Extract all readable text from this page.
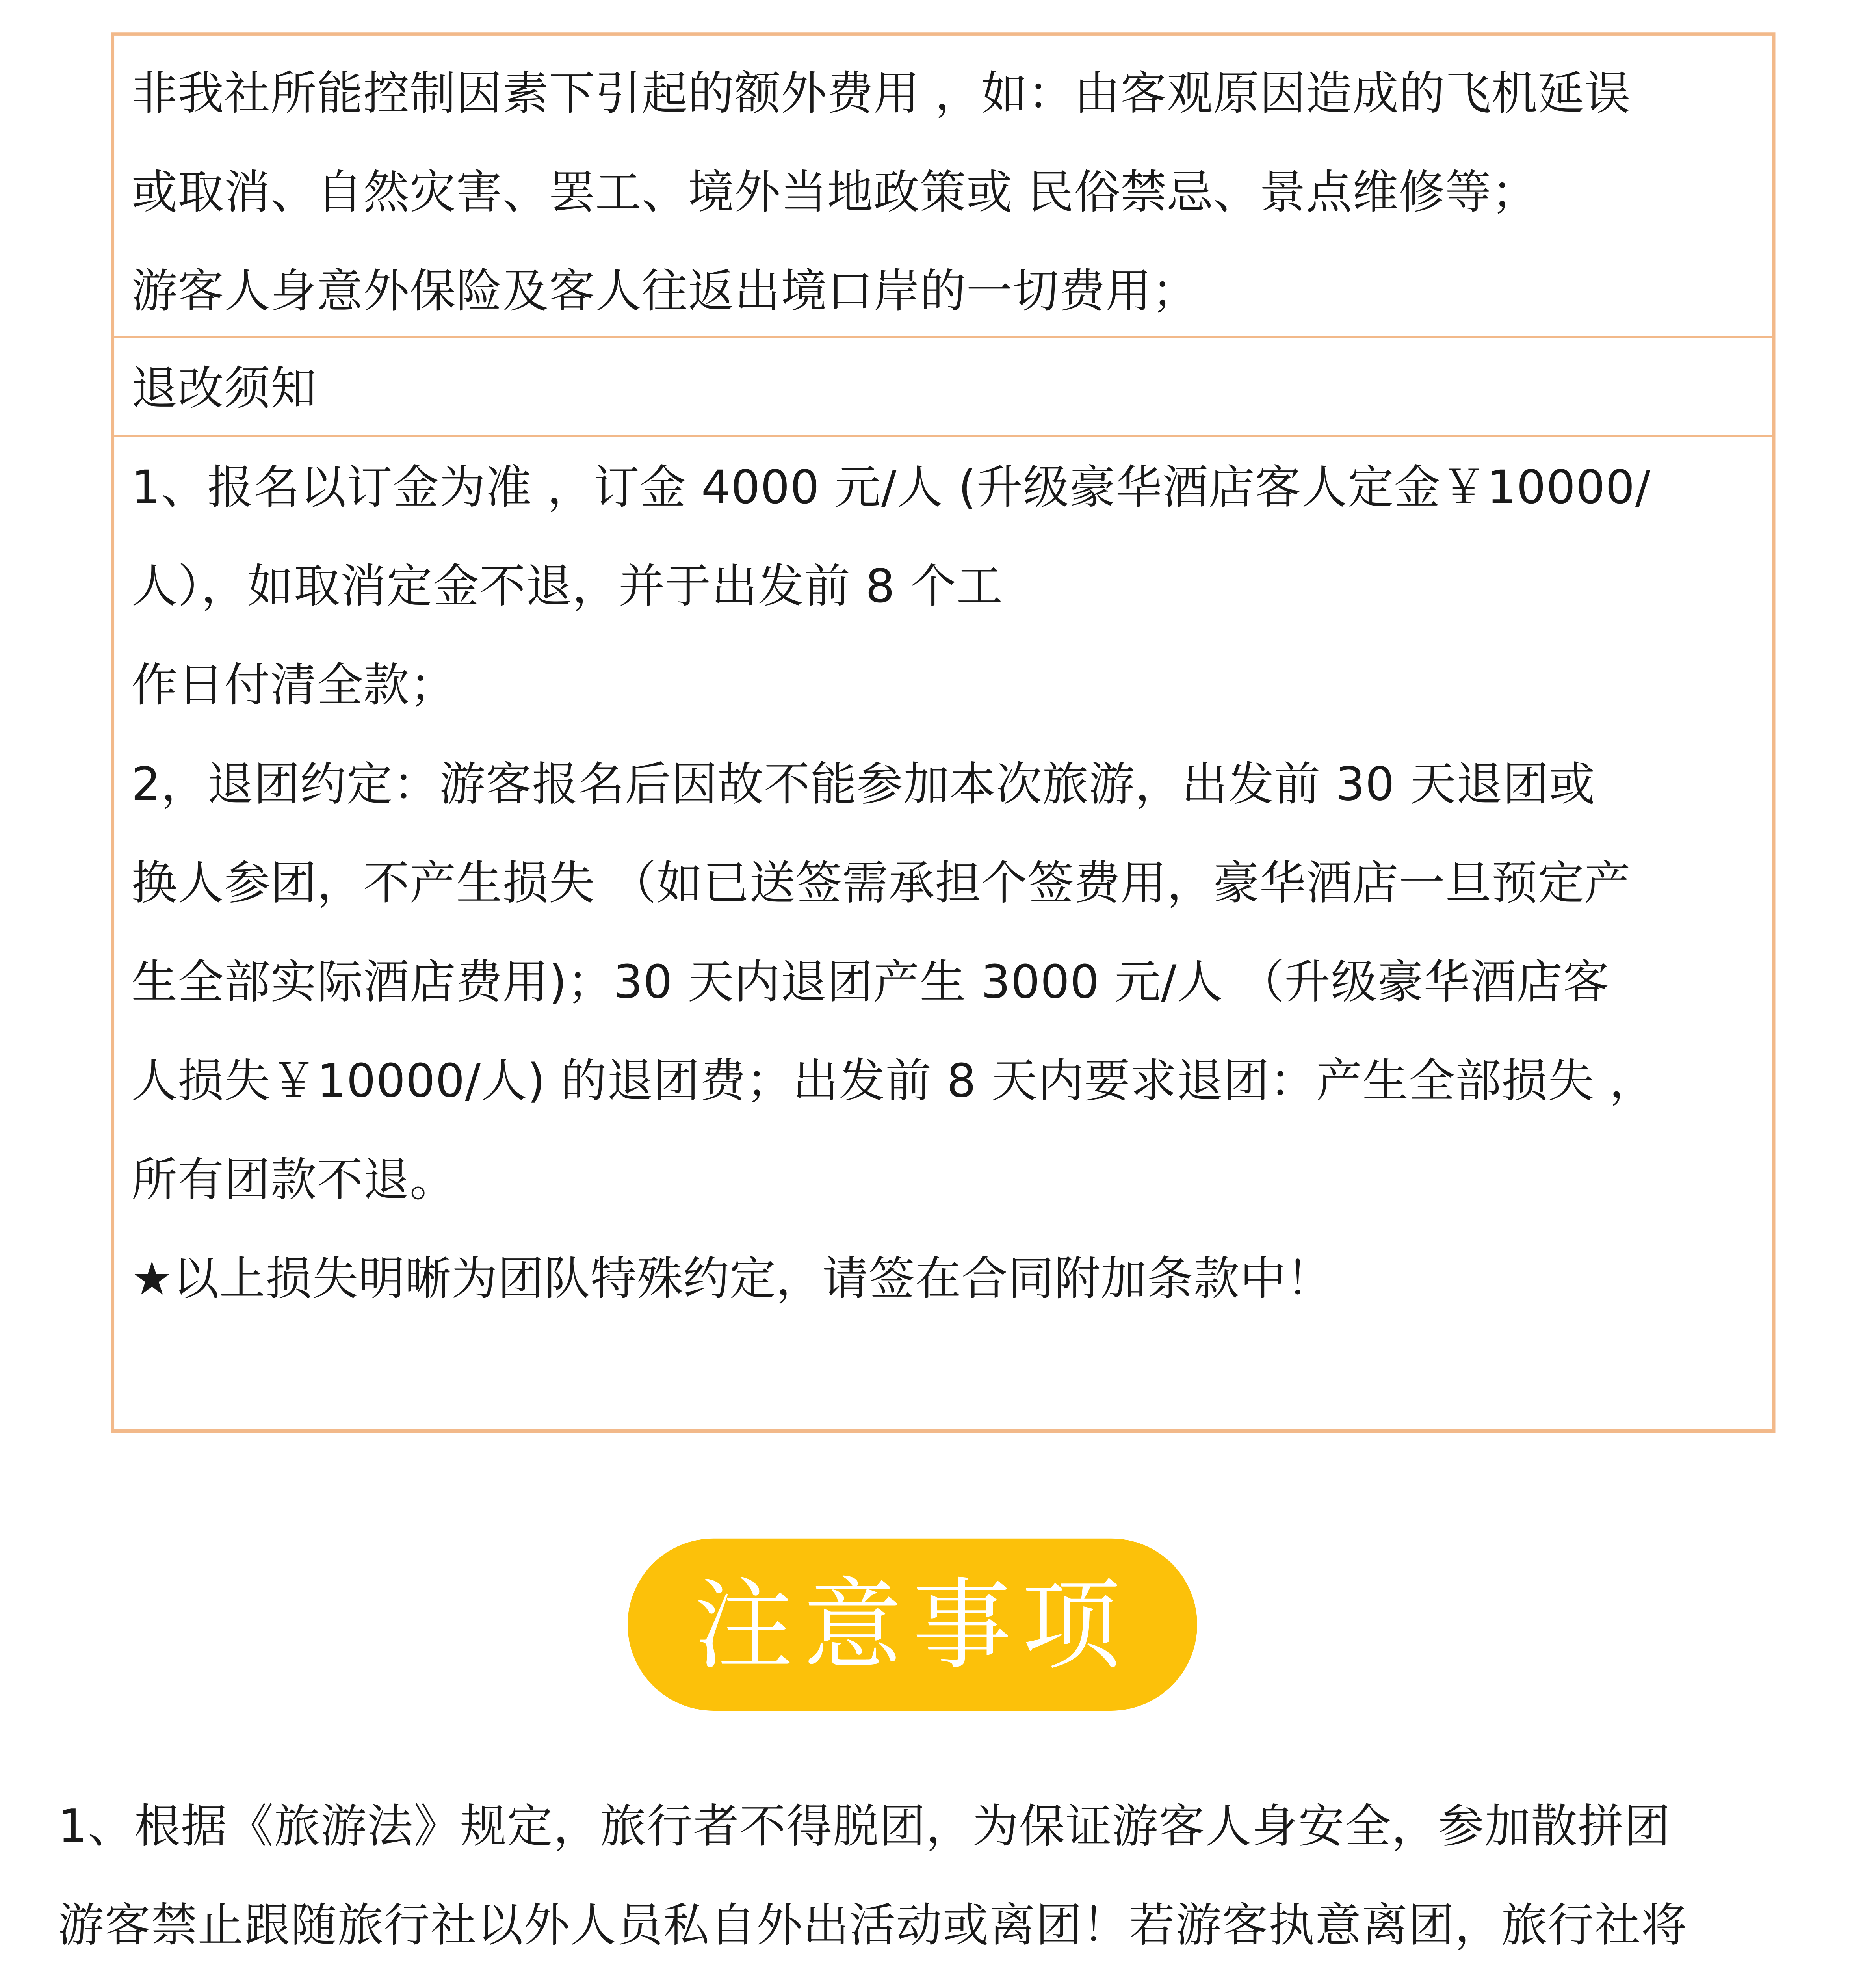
非我社所能控制因素下引起的额外费用 ，如：由客观原因造成的飞机延误
或取消、自然灾害、罢工、境外当地政策或 民俗禁忌、景点维修等；
游客人身意外保险及客人往返出境口岸的一切费用；
退改须知
1、报名以订金为准 ，订金 4000 元/人 (升级豪华酒店客人定金￥10000/
人），如取消定金不退，并于出发前 8 个工
作日付清全款；
2，退团约定：游客报名后因故不能参加本次旅游，出发前 30 天退团或
换人参团，不产生损失 （如已送签需承担个签费用，豪华酒店一旦预定产
生全部实际酒店费用)；30 天内退团产生 3000 元/人 （升级豪华酒店客
人损失￥10000/人) 的退团费；出发前 8 天内要求退团：产生全部损失 ，
所有团款不退。
★以上损失明晰为团队特殊约定，请签在合同附加条款中！
注意事项
1、根据《旅游法》规定，旅行者不得脱团，为保证游客人身安全，参加散拼团
游客禁止跟随旅行社以外人员私自外出活动或离团！若游客执意离团，旅行社将
